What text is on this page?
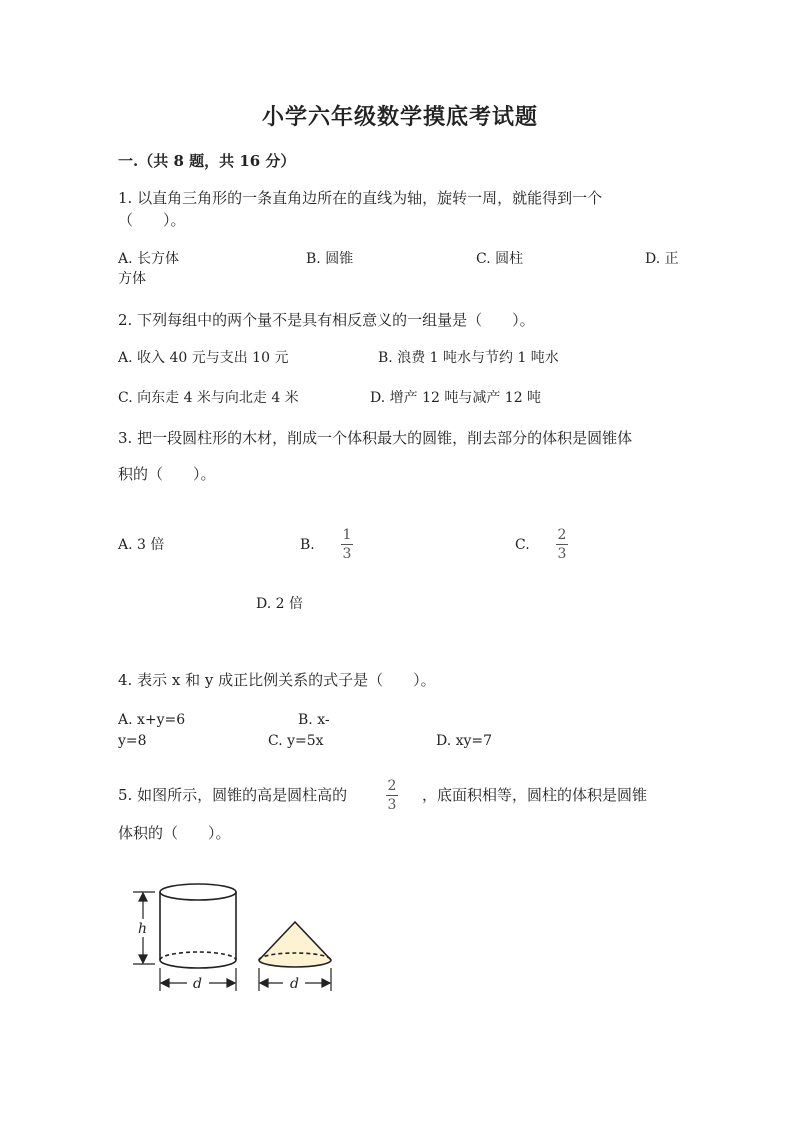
小学六年级数学摸底考试题
一.（共 8 题，共 16 分）
1. 以直角三角形的一条直角边所在的直线为轴，旋转一周，就能得到一个
（　　）。
A. 长方体	B. 圆锥	C. 圆柱	D. 正
方体
2. 下列每组中的两个量不是具有相反意义的一组量是（　　）。
A. 收入 40 元与支出 10 元	B. 浪费 1 吨水与节约 1 吨水
C. 向东走 4 米与向北走 4 米	D. 增产 12 吨与减产 12 吨
3. 把一段圆柱形的木材，削成一个体积最大的圆锥，削去部分的体积是圆锥体
积的（　　）。
A. 3 倍	B.
1
3
C.
2
3
D. 2 倍
4. 表示 x 和 y 成正比例关系的式子是（　　）。
A. x+y=6	B. x-
y=8	C. y=5x	D. xy=7
5. 如图所示，圆锥的高是圆柱高的	2
3
，底面积相等，圆柱的体积是圆锥
体积的（　　）。
h
d	d
